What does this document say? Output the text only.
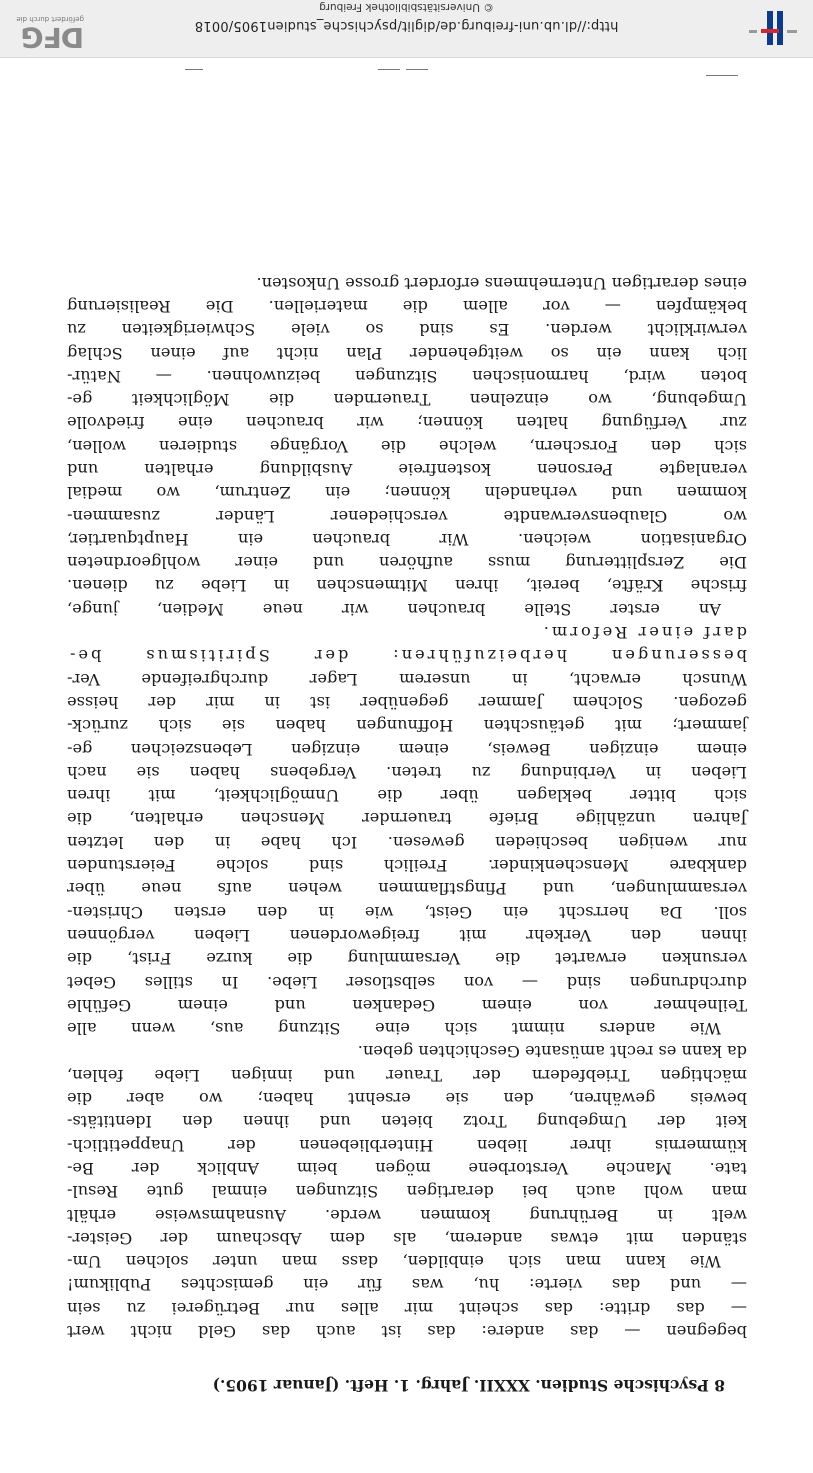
8 Psychische Studien. XXXII. Jahrg. 1. Heft. (Januar 1905.)
begegnen — das andere: das ist auch das Geld nicht wert
— das dritte: das scheint mir alles nur Betrügerei zu sein
— und das vierte: hu, was für ein gemischtes Publikum!
Wie kann man sich einbilden, dass man unter solchen Um-
ständen mit etwas anderem, als dem Abschaum der Geister-
welt in Berührung kommen werde. Ausnahmsweise erhält
man wohl auch bei derartigen Sitzungen einmal gute Resul-
tate. Manche Verstorbene mögen beim Anblick der Be-
kümmernis ihrer lieben Hinterbliebenen der Unappetitlich-
keit der Umgebung Trotz bieten und ihnen den Identitäts-
beweis gewähren, den sie ersehnt haben; wo aber die
mächtigen Triebfedern der Trauer und innigen Liebe fehlen,
da kann es recht amüsante Geschichten geben.
Wie anders nimmt sich eine Sitzung aus, wenn alle
Teilnehmer von einem Gedanken und einem Gefühle
durchdrungen sind — von selbstloser Liebe. In stilles Gebet
versunken erwartet die Versammlung die kurze Frist, die
ihnen den Verkehr mit freigewordenen Lieben vergönnen
soll. Da herrscht ein Geist, wie in den ersten Christen-
versammlungen, und Pfingstflammen wehen aufs neue über
dankbare Menschenkinder. Freilich sind solche Feierstunden
nur wenigen beschieden gewesen. Ich habe in den letzten
Jahren unzählige Briefe trauernder Menschen erhalten, die
sich bitter beklagen über die Unmöglichkeit, mit ihren
Lieben in Verbindung zu treten. Vergebens haben sie nach
einem einzigen Beweis, einem einzigen Lebenszeichen ge-
jammert; mit getäuschten Hoffnungen haben sie sich zurück-
gezogen. Solchem Jammer gegenüber ist in mir der heisse
Wunsch erwacht, in unserem Lager durchgreifende Ver-
besserungen herbeizuführen: der Spiritismus be-
darf einer Reform.
An erster Stelle brauchen wir neue Medien, junge,
frische Kräfte, bereit, ihren Mitmenschen in Liebe zu dienen.
Die Zersplitterung muss aufhören und einer wohlgeordneten
Organisation weichen. Wir brauchen ein Hauptquartier,
wo Glaubensverwandte verschiedener Länder zusammen-
kommen und verhandeln können; ein Zentrum, wo medial
veranlagte Personen kostenfreie Ausbildung erhalten und
sich den Forschern, welche die Vorgänge studieren wollen,
zur Verfügung halten können; wir brauchen eine friedvolle
Umgebung, wo einzelnen Trauernden die Möglichkeit ge-
boten wird, harmonischen Sitzungen beizuwohnen. — Natür-
lich kann ein so weitgehender Plan nicht auf einen Schlag
verwirklicht werden. Es sind so viele Schwierigkeiten zu
bekämpfen — vor allem die materiellen. Die Realisierung
eines derartigen Unternehmens erfordert grosse Unkosten.
http://dl.ub.uni-freiburg.de/diglit/psychische_studien1905/0018
© Universitätsbibliothek Freiburg
DFG
gefördert durch die
